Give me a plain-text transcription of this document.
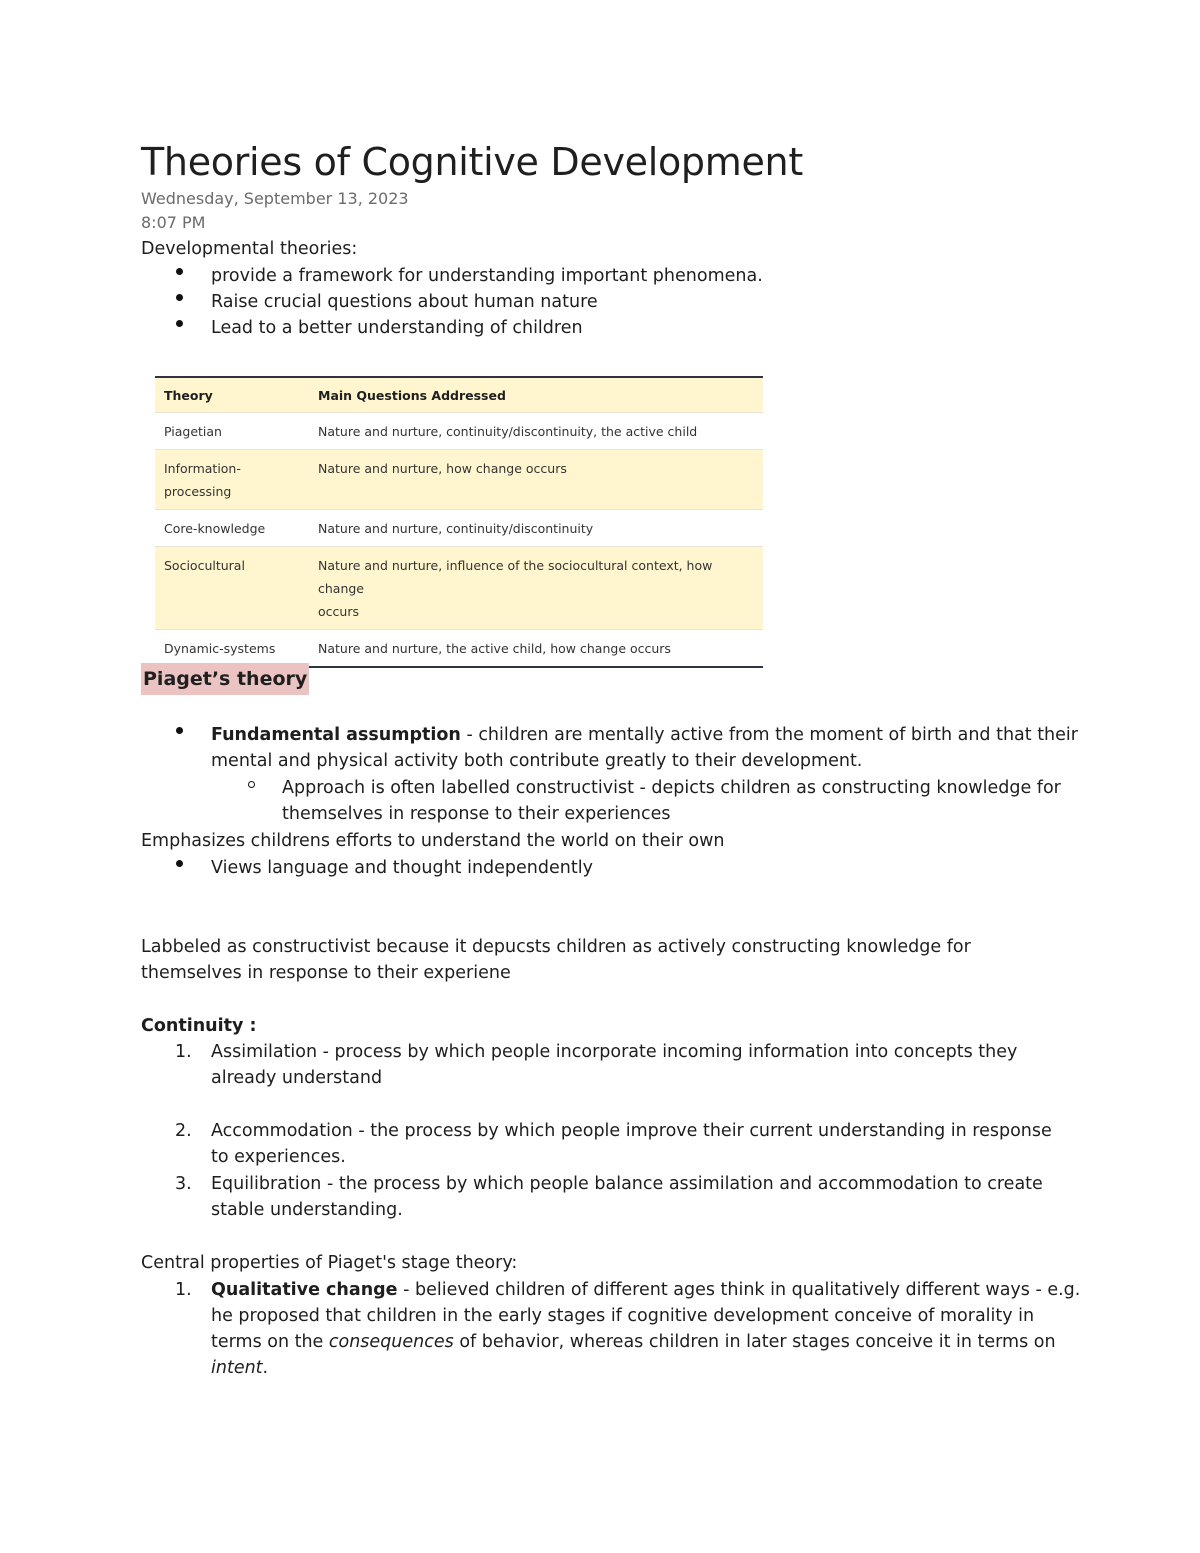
Theories of Cognitive Development
Wednesday, September 13, 2023
8:07 PM
Developmental theories:
provide a framework for understanding important phenomena.
Raise crucial questions about human nature
Lead to a better understanding of children
Theory	Main Questions Addressed
Piagetian	Nature and nurture, continuity/discontinuity, the active child
Information-
processing	Nature and nurture, how change occurs
Core-knowledge	Nature and nurture, continuity/discontinuity
Sociocultural	Nature and nurture, influence of the sociocultural context, how change
occurs
Dynamic-systems	Nature and nurture, the active child, how change occurs
Piaget’s theory
Fundamental assumption - children are mentally active from the moment of birth and that their
mental and physical activity both contribute greatly to their development.
Approach is often labelled constructivist - depicts children as constructing knowledge for
themselves in response to their experiences
Emphasizes childrens efforts to understand the world on their own
Views language and thought independently
Labbeled as constructivist because it depucsts children as actively constructing knowledge for
themselves in response to their experiene
Continuity :
1. Assimilation - process by which people incorporate incoming information into concepts they
already understand
2. Accommodation - the process by which people improve their current understanding in response
to experiences.
3. Equilibration - the process by which people balance assimilation and accommodation to create
stable understanding.
Central properties of Piaget's stage theory:
1. Qualitative change - believed children of different ages think in qualitatively different ways - e.g.
he proposed that children in the early stages if cognitive development conceive of morality in
terms on the consequences of behavior, whereas children in later stages conceive it in terms on
intent.
